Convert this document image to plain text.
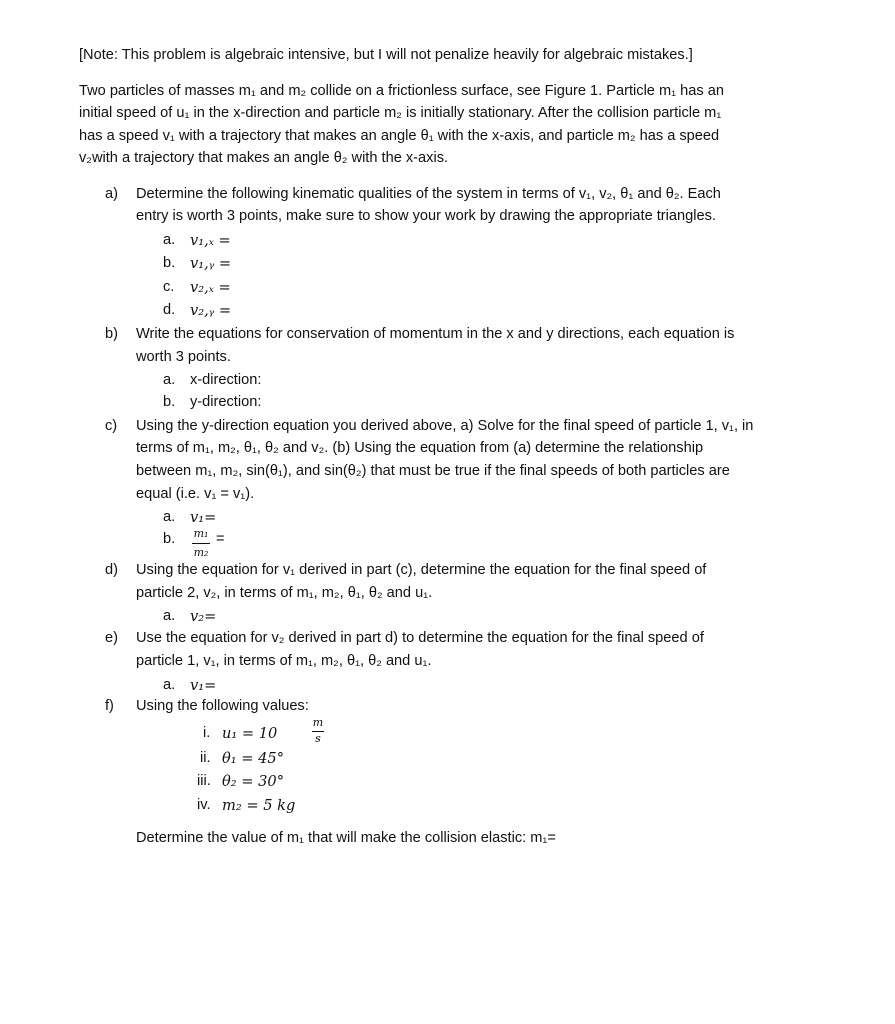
[Note: This problem is algebraic intensive, but I will not penalize heavily for algebraic mistakes.]
Two particles of masses m₁ and m₂ collide on a frictionless surface, see Figure 1. Particle m₁ has an
initial speed of u₁ in the x-direction and particle m₂ is initially stationary. After the collision particle m₁
has a speed v₁ with a trajectory that makes an angle θ₁ with the x-axis, and particle m₂ has a speed
v₂with a trajectory that makes an angle θ₂ with the x-axis.
a) Determine the following kinematic qualities of the system in terms of v₁, v₂, θ₁ and θ₂. Each
entry is worth 3 points, make sure to show your work by drawing the appropriate triangles.
a. v₁,ₓ =
b. v₁,ᵧ =
c. v₂,ₓ =
d. v₂,ᵧ =
b) Write the equations for conservation of momentum in the x and y directions, each equation is
worth 3 points.
a. x-direction:
b. y-direction:
c) Using the y-direction equation you derived above, a) Solve for the final speed of particle 1, v₁, in
terms of m₁, m₂, θ₁, θ₂ and v₂. (b) Using the equation from (a) determine the relationship
between m₁, m₂, sin(θ₁), and sin(θ₂) that must be true if the final speeds of both particles are
equal (i.e. v₁ = v₁).
a. v₁=
b.	m₁
m₂
=
d) Using the equation for v₁ derived in part (c), determine the equation for the final speed of
particle 2, v₂, in terms of m₁, m₂, θ₁, θ₂ and u₁.
a. v₂=
e) Use the equation for v₂ derived in part d) to determine the equation for the final speed of
particle 1, v₁, in terms of m₁, m₂, θ₁, θ₂ and u₁.
a. v₁=
f) Using the following values:
i. u₁ = 10
m
s
ii. θ₁ = 45°
iii. θ₂ = 30°
iv. m₂ = 5 kg
Determine the value of m₁ that will make the collision elastic: m₁=
